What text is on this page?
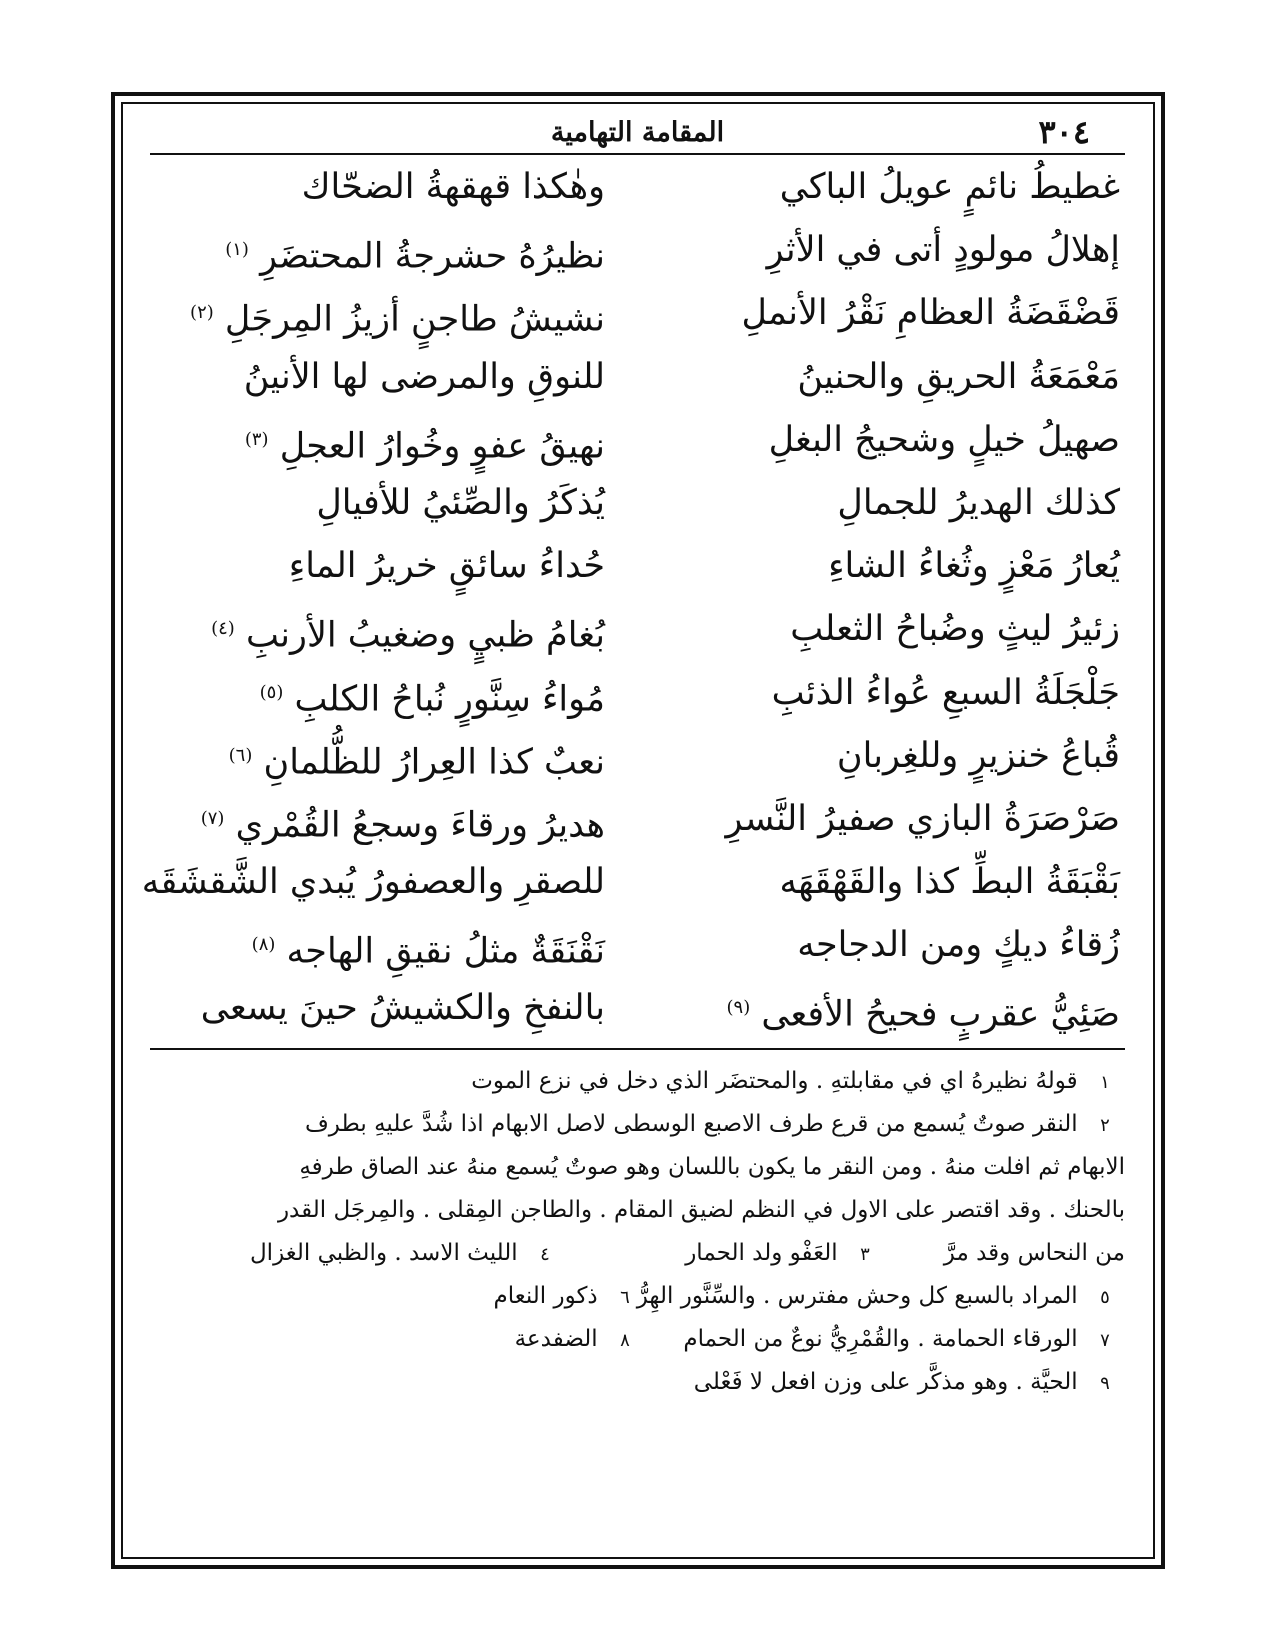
٣٠٤
المقامة التهامية
غطيطُ نائمٍ عويلُ الباكي
وهٰكذا قهقهةُ الضحّاك
إهلالُ مولودٍ أتى في الأثرِ
نظيرُهُ حشرجةُ المحتضَرِ $^{(١)}$
قَضْقَضَةُ العظامِ نَقْرُ الأنملِ
نشيشُ طاجنٍ أزيزُ المِرجَلِ $^{(٢)}$
مَعْمَعَةُ الحريقِ والحنينُ
للنوقِ والمرضى لها الأنينُ
صهيلُ خيلٍ وشحيجُ البغلِ
نهيقُ عفوٍ وخُوارُ العجلِ $^{(٣)}$
كذلك الهديرُ للجمالِ
يُذكَرُ والصِّئيُ للأفيالِ
يُعارُ مَعْزٍ وثُغاءُ الشاءِ
حُداءُ سائقٍ خريرُ الماءِ
زئيرُ ليثٍ وضُباحُ الثعلبِ
بُغامُ ظبيٍ وضغيبُ الأرنبِ $^{(٤)}$
جَلْجَلَةُ السبعِ عُواءُ الذئبِ
مُواءُ سِنَّورٍ نُباحُ الكلبِ $^{(٥)}$
قُباعُ خنزيرٍ وللغِربانِ
نعبٌ كذا العِرارُ للظُّلمانِ $^{(٦)}$
صَرْصَرَةُ البازي صفيرُ النَّسرِ
هديرُ ورقاءَ وسجعُ القُمْري $^{(٧)}$
بَقْبَقَةُ البطِّ كذا والقَهْقَهَه
للصقرِ والعصفورُ يُبدي الشَّقشَقَه
زُقاءُ ديكٍ ومن الدجاجه
نَقْنَقَةٌ مثلُ نقيقِ الهاجه $^{(٨)}$
صَئِيُّ عقربٍ فحيحُ الأفعى $^{(٩)}$
بالنفخِ والكشيشُ حينَ يسعى
١ قولهُ نظيرهُ اي في مقابلتهِ . والمحتضَر الذي دخل في نزع الموت
٢ النقر صوتٌ يُسمع من قرع طرف الاصبع الوسطى لاصل الابهام اذا شُدَّ عليهِ بطرف
الابهام ثم افلت منهُ . ومن النقر ما يكون باللسان وهو صوتٌ يُسمع منهُ عند الصاق طرفهِ
بالحنك . وقد اقتصر على الاول في النظم لضيق المقام . والطاجن المِقلى . والمِرجَل القدر
من النحاس وقد مرَّ
٣ العَفْو ولد الحمار
٤ الليث الاسد . والظبي الغزال
٥ المراد بالسبع كل وحش مفترس . والسِّنَّور الهِرُّ
٦ ذكور النعام
٧ الورقاء الحمامة . والقُمْرِيُّ نوعٌ من الحمام
٨ الضفدعة
٩ الحيَّة . وهو مذكَّر على وزن افعل لا فَعْلى
